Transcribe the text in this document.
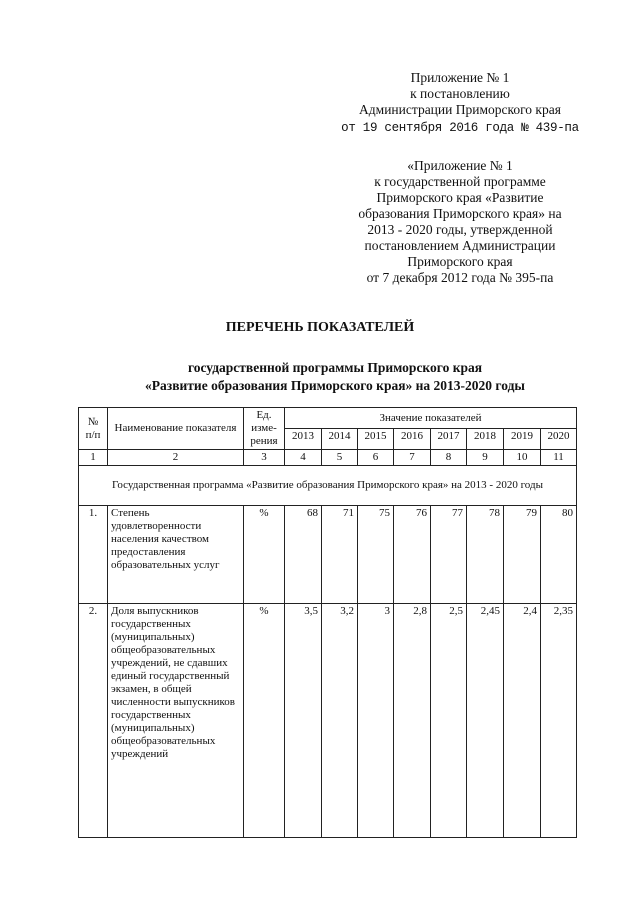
Приложение № 1
к постановлению
Администрации Приморского края
от 19 сентября 2016 года № 439-па
«Приложение № 1
к государственной программе
Приморского края «Развитие
образования Приморского края» на
2013 - 2020 годы, утвержденной
постановлением Администрации
Приморского края
от 7 декабря 2012 года № 395-па
ПЕРЕЧЕНЬ ПОКАЗАТЕЛЕЙ
государственной программы Приморского края
«Развитие образования Приморского края» на 2013-2020 годы
№ п/п	Наименование показателя	Ед. изме-рения	Значение показателей							
			2013	2014	2015	2016	2017	2018	2019	2020
1	2	3	4	5	6	7	8	9	10	11
Государственная программа «Развитие образования Приморского края» на 2013 - 2020 годы										
1.	Степень удовлетворенности населения качеством предоставления образовательных услуг	%	68	71	75	76	77	78	79	80
2.	Доля выпускников государственных (муниципальных) общеобразовательных учреждений, не сдавших единый государственный экзамен, в общей численности выпускников государственных (муниципальных) общеобразовательных учреждений	%	3,5	3,2	3	2,8	2,5	2,45	2,4	2,35
